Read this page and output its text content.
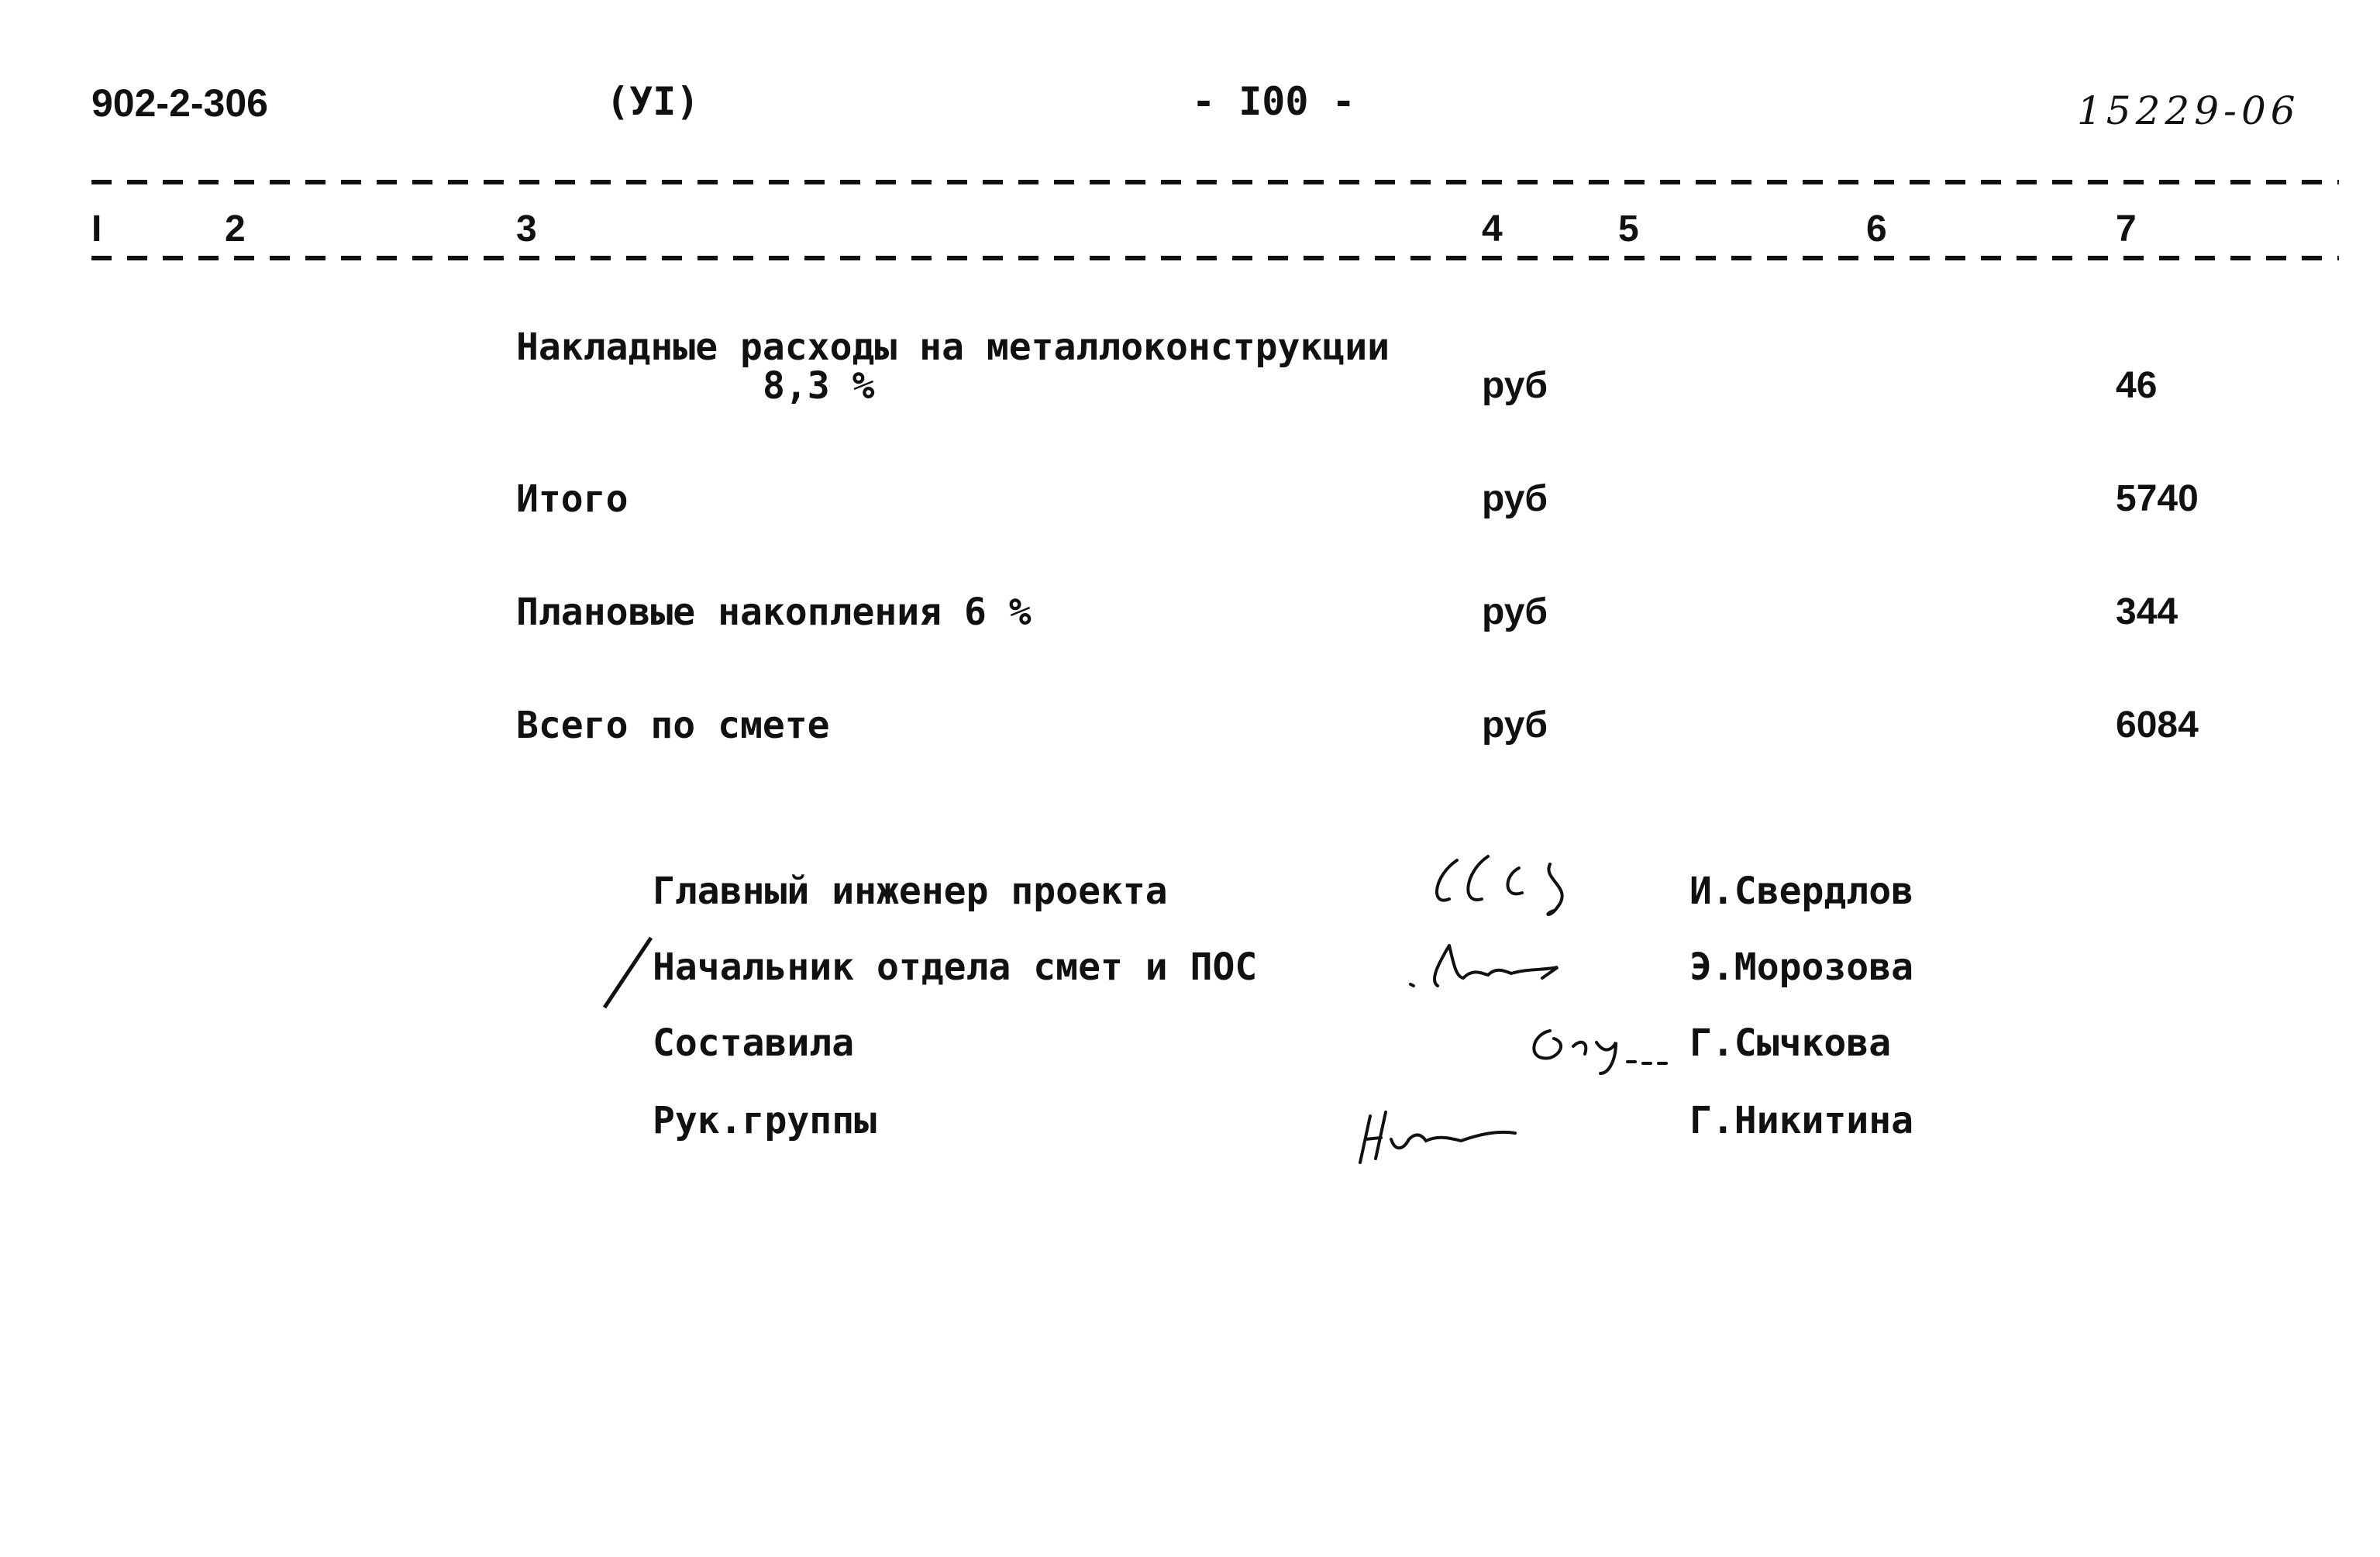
902-2-306	(УI)	- I00 -	15229-06
I	2	3	4	5	6	7
Накладные расходы на металлоконструкции
8,3 %	руб	46
Итого	руб	5740
Плановые накопления 6 %	руб	344
Всего по смете	руб	6084
Главный инженер проекта	И.Свердлов
Начальник отдела смет и ПОС	Э.Морозова
Составила	Г.Сычкова
Рук.группы	Г.Никитина
